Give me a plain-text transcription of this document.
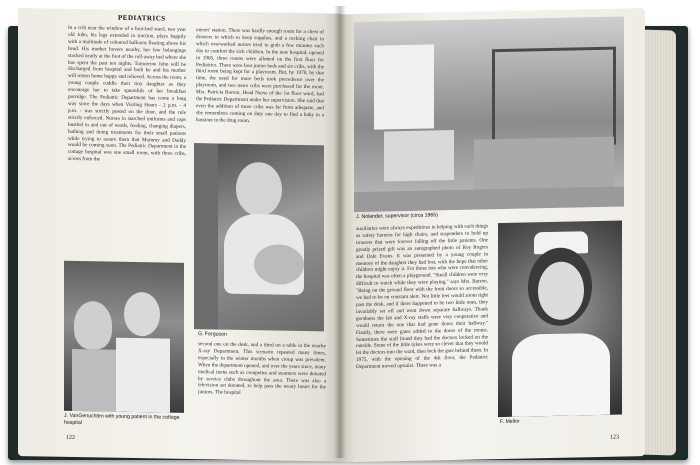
PEDIATRICS
In a crib near the window of a four-bed ward, two year old John, his legs extended in traction, plays happily with a multitude of coloured balloons floating above his head. His mother hovers nearby, her few belongings stacked neatly at the foot of the roll-away bed where she has spent the past ten nights. Tomorrow John will be discharged from hospital and both he and his mother will return home happy and relieved. Across the room, a young couple cuddle their tiny daughter as they encourage her to take spoonfuls of her breakfast porridge. The Pediatric Department has come a long way since the days when Visiting Hours - 2 p.m. - 4 p.m. - was strictly posted on the door, and the rule strictly enforced. Nurses in starched uniforms and caps bustled in and out of wards, feeding, changing diapers, bathing and doing treatments for their small patients while trying to assure them that Mommy and Daddy would be coming soon. The Pediatric Department in the cottage hospital was one small room, with three cribs, across from the
J. VanGenuchten with young patient in the cottage hospital
nurses' station. There was hardly enough room for a chest of drawers in which to keep supplies, and a rocking chair in which overworked nurses tried to grab a few minutes each day to comfort the sick children. In the new hospital, opened in 1965, three rooms were allotted on the first floor for Pediatrics. There were four junior beds and six cribs, with the third room being kept for a playroom. But, by 1970, by that time, the need for more beds took precedence over the playroom, and two more cribs were purchased for the room. Mrs. Patricia Barron, Head Nurse of the 1st floor ward, had the Pediatric Department under her supervision. She said that even the addition of more cribs was far from adequate, and she remembers coming on duty one day to find a baby in a bassinet in the drug room.
G. Ferguson
second one on the desk, and a third on a table in the nearby X-ray Department. This scenario repeated many times, especially in the winter months when croup was prevalent. When the department opened, and over the years since, many medical items such as croupettes and steamers were donated by service clubs throughout the area. There was also a television set donated, to help pass the weary hours for the juniors. The hospital
122
J. Nolander, supervisor (circa 1965)
auxiliaries were always expeditious in helping with such things as safety harness for high chairs, and suspenders to hold up trousers that were forever falling off the little patients. One greatly prized gift was an autographed photo of Roy Rogers and Dale Evans. It was presented by a young couple in memory of the daughter they had lost, with the hope that other children might enjoy it. For those tots who were convalescing, the hospital was often a playground. "Small children were very difficult to watch while they were playing," says Mrs. Barron. "Being on the ground floor with the front doors so accessible, we had to be on constant alert. Not little feet would zoom right past the desk, and if there happened to be two little ones, they invariably set off and went down separate hallways. Thank goodness the lab and X-ray staffs were very cooperative and would return the one that had gone down their hallway." Finally, there were gates added to the doors of the rooms. Sometimes the staff found they had the doctors locked on the outside. Some of the little tykes were so clever that they would let the doctors into the ward, then lock the gate behind them. In 1975, with the opening of the 4th floor, the Pediatric Department moved upstairs. There was a
F. Mellor
123
